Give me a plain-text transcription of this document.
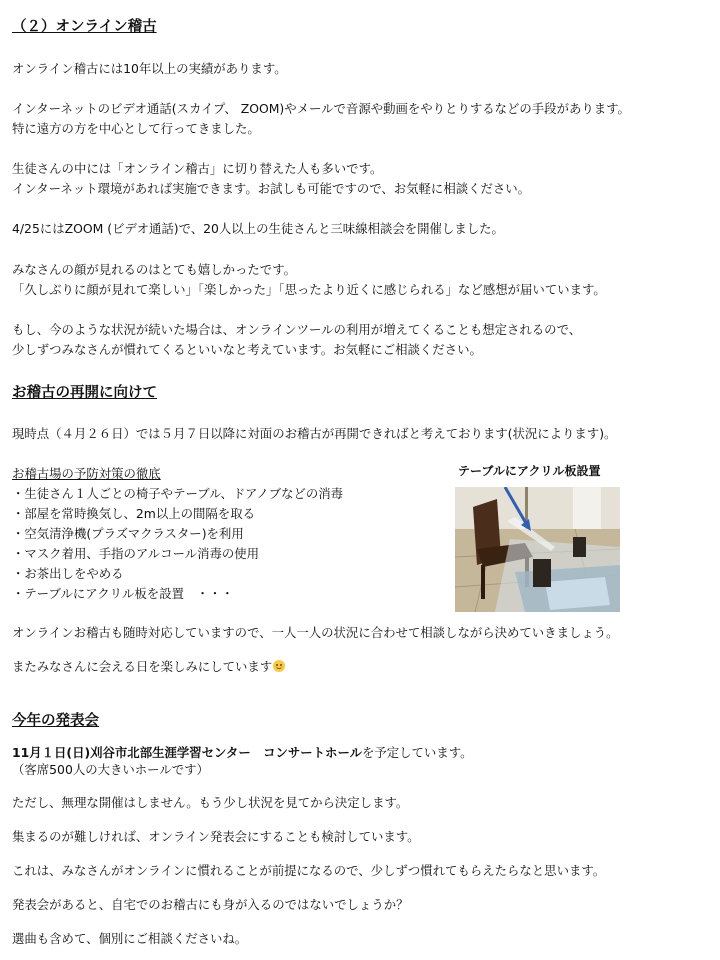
（２）オンライン稽古

オンライン稽古には10年以上の実績があります。

インターネットのビデオ通話(スカイプ、 ZOOM)やメールで音源や動画をやりとりするなどの手段があります。

特に遠方の方を中心として行ってきました。

生徒さんの中には「オンライン稽古」に切り替えた人も多いです。

インターネット環境があれば実施できます。お試しも可能ですので、お気軽に相談ください。

4/25にはZOOM (ビデオ通話)で、20人以上の生徒さんと三味線相談会を開催しました。

みなさんの顔が見れるのはとても嬉しかったです。

「久しぶりに顔が見れて楽しい」「楽しかった」「思ったより近くに感じられる」など感想が届いています。

もし、今のような状況が続いた場合は、オンラインツールの利用が増えてくることも想定されるので、

少しずつみなさんが慣れてくるといいなと考えています。お気軽にご相談ください。

お稽古の再開に向けて

現時点（４月２６日）では５月７日以降に対面のお稽古が再開できればと考えております(状況によります)。

お稽古場の予防対策の徹底

・生徒さん１人ごとの椅子やテーブル、ドアノブなどの消毒

・部屋を常時換気し、2m以上の間隔を取る

・空気清浄機(プラズマクラスター)を利用

・マスク着用、手指のアルコール消毒の使用

・お茶出しをやめる

・テーブルにアクリル板を設置　・・・

テーブルにアクリル板設置

オンラインお稽古も随時対応していますので、一人一人の状況に合わせて相談しながら決めていきましょう。

またみなさんに会える日を楽しみにしています

今年の発表会

11月１日(日)刈谷市北部生涯学習センター　コンサートホールを予定しています。

（客席500人の大きいホールです）

ただし、無理な開催はしません。もう少し状況を見てから決定します。

集まるのが難しければ、オンライン発表会にすることも検討しています。

これは、みなさんがオンラインに慣れることが前提になるので、少しずつ慣れてもらえたらなと思います。

発表会があると、自宅でのお稽古にも身が入るのではないでしょうか？

選曲も含めて、個別にご相談くださいね。
